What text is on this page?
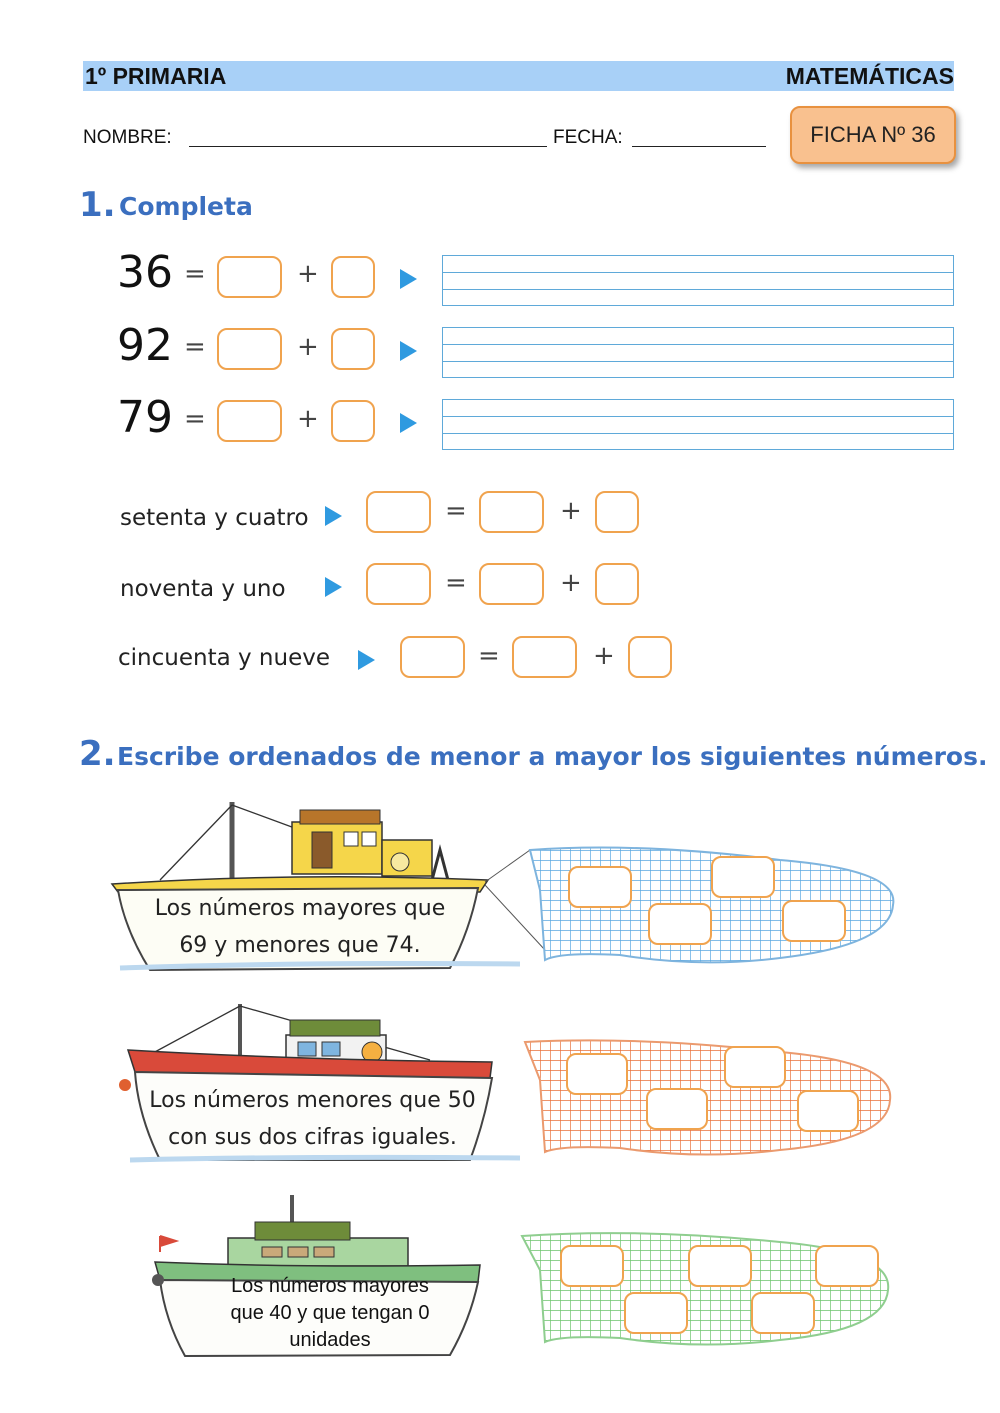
1º PRIMARIA	MATEMÁTICAS
NOMBRE:	FECHA:	FICHA Nº 36
1. Completa
36 =	+
92 =	+
79 =	+
setenta y cuatro	=	+
noventa y uno	=	+
cincuenta y nueve	=	+
2. Escribe ordenados de menor a mayor los siguientes números.
Los números mayores que
69 y menores que 74.
Los números menores que 50
con sus dos cifras iguales.
Los números mayores
que 40 y que tengan 0
unidades
